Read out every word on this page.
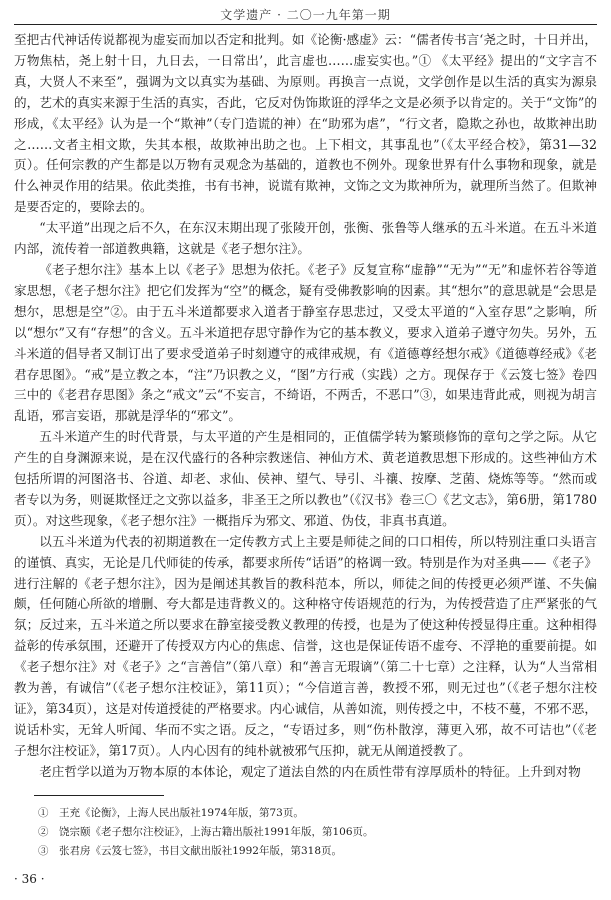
文学遗产 · 二〇一九年第一期

至把古代神话传说都视为虚妄而加以否定和批判。如《论衡·感虚》云：“儒者传书言‘尧之时，十日并出，万物焦枯，尧上射十日，九日去，一日常出’，此言虚也……虚妄实也。”① 《太平经》提出的“文字言不真，大贤人不来至”，强调为文以真实为基础、为原则。再换言一点说，文学创作是以生活的真实为源泉的，艺术的真实来源于生活的真实，否此，它反对伪饰欺诳的浮华之文是必须予以肯定的。关于“文饰”的形成，《太平经》认为是一个“欺神”（专门造谎的神）在“助邪为虐”，“行文者，隐欺之孙也，故欺神出助之……文者主相文欺，失其本根，故欺神出助之也。上下相文，其事乱也”（《太平经合校》，第31—32页）。任何宗教的产生都是以万物有灵观念为基础的，道教也不例外。现象世界有什么事物和现象，就是什么神灵作用的结果。依此类推，书有书神，说谎有欺神，文饰之文为欺神所为，就理所当然了。但欺神是要否定的，要除去的。

“太平道”出现之后不久，在东汉末期出现了张陵开创，张衡、张鲁等人继承的五斗米道。在五斗米道内部，流传着一部道教典籍，这就是《老子想尔注》。

《老子想尔注》基本上以《老子》思想为依托。《老子》反复宣称“虚静”“无为”“无”和虚怀若谷等道家思想，《老子想尔注》把它们发挥为“空”的概念，疑有受佛教影响的因素。其“想尔”的意思就是“会思是想尔，思想是空”②。由于五斗米道都要求入道者于静室存思悲过，又受太平道的“入室存思”之影响，所以“想尔”又有“存想”的含义。五斗米道把存思守静作为它的基本教义，要求入道弟子遵守勿失。另外，五斗米道的倡导者又制订出了要求受道弟子时刻遵守的戒律戒规，有《道德尊经想尔戒》《道德尊经戒》《老君存思图》。“戒”是立教之本，“注”乃识教之义，“图”方行戒（实践）之方。现保存于《云笈七签》卷四三中的《老君存思图》条之“戒文”云“不妄言，不绮语，不两舌，不恶口”③，如果违背此戒，则视为胡言乱语，邪言妄语，那就是浮华的“邪文”。

五斗米道产生的时代背景，与太平道的产生是相同的，正值儒学转为繁琐修饰的章句之学之际。从它产生的自身渊源来说，是在汉代盛行的各种宗教迷信、神仙方术、黄老道教思想下形成的。这些神仙方术包括所谓的河图洛书、谷道、却老、求仙、侯神、望气、导引、斗禳、按摩、芝菌、烧炼等等。“然而或者专以为务，则诞欺怪迂之文弥以益多，非圣王之所以教也”（《汉书》卷三〇《艺文志》，第6册，第1780页）。对这些现象，《老子想尔注》一概指斥为邪文、邪道、伪伎，非真书真道。

以五斗米道为代表的初期道教在一定传教方式上主要是师徒之间的口口相传，所以特别注重口头语言的谨慎、真实，无论是几代师徒的传承，都要求所传“话语”的格调一致。特别是作为对圣典——《老子》进行注解的《老子想尔注》，因为是阐述其教旨的教科范本，所以，师徒之间的传授更必须严谨、不失偏颇，任何随心所欲的增删、夸大都是违背教义的。这种格守传语规范的行为，为传授营造了庄严紧张的气氛；反过来，五斗米道之所以要求在静室接受教义教理的传授，也是为了使这种传授显得庄重。这种相得益彰的传承氛围，还避开了传授双方内心的焦虑、信誉，这也是保证传语不虚夸、不浮艳的重要前提。如《老子想尔注》对《老子》之“言善信”（第八章）和“善言无瑕谪”（第二十七章）之注释，认为“人当常相教为善，有诚信”（《老子想尔注校证》，第11页）；“今信道言善，教授不邪，则无过也”（《老子想尔注校证》，第34页），这是对传道授徒的严格要求。内心诚信，从善如流，则传授之中，不枝不蔓，不邪不恶，说话朴实，无耸人听闻、华而不实之语。反之，“专语过多，则“伤朴散淳，薄更入邪，故不可诘也”（《老子想尔注校证》，第17页）。人内心因有的纯朴就被邪气压抑，就无从阐道授教了。

老庄哲学以道为万物本原的本体论，观定了道法自然的内在质性带有淳厚质朴的特征。上升到对物

①　王充《论衡》，上海人民出版社1974年版，第73页。
②　饶宗颐《老子想尔注校证》，上海古籍出版社1991年版，第106页。
③　张君房《云笈七签》，书目文献出版社1992年版，第318页。
· 36 ·
